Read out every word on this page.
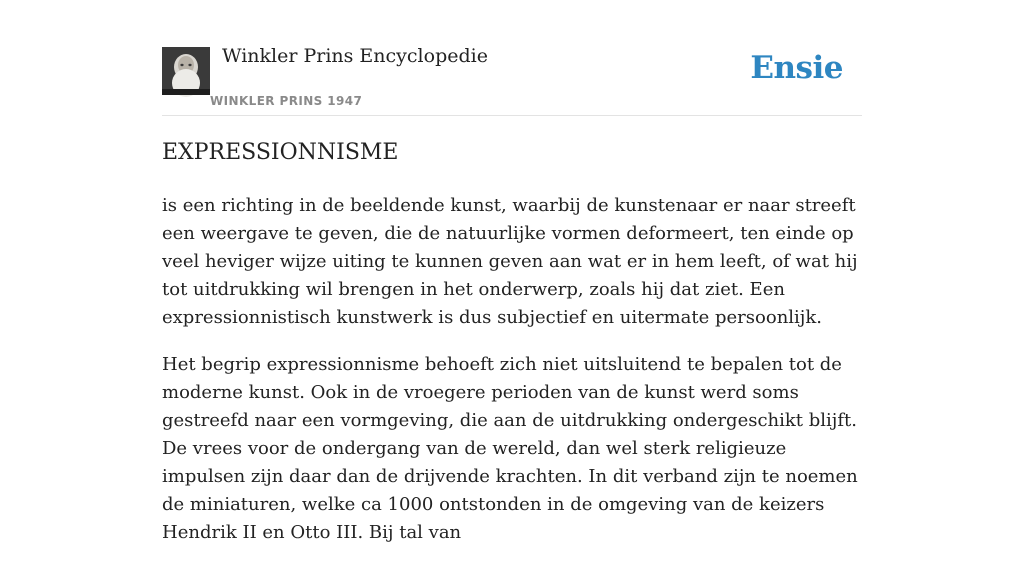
Winkler Prins Encyclopedie
WINKLER PRINS 1947
Ensie
EXPRESSIONNISME

is een richting in de beeldende kunst, waarbij de kunstenaar er naar streeft een weergave te geven, die de natuurlijke vormen deformeert, ten einde op veel heviger wijze uiting te kunnen geven aan wat er in hem leeft, of wat hij tot uitdrukking wil brengen in het onderwerp, zoals hij dat ziet. Een expressionnistisch kunstwerk is dus subjectief en uitermate persoonlijk.

Het begrip expressionnisme behoeft zich niet uitsluitend te bepalen tot de moderne kunst. Ook in de vroegere perioden van de kunst werd soms gestreefd naar een vormgeving, die aan de uitdrukking ondergeschikt blijft. De vrees voor de ondergang van de wereld, dan wel sterk religieuze impulsen zijn daar dan de drijvende krachten. In dit verband zijn te noemen de miniaturen, welke ca 1000 ontstonden in de omgeving van de keizers Hendrik II en Otto III. Bij tal van
